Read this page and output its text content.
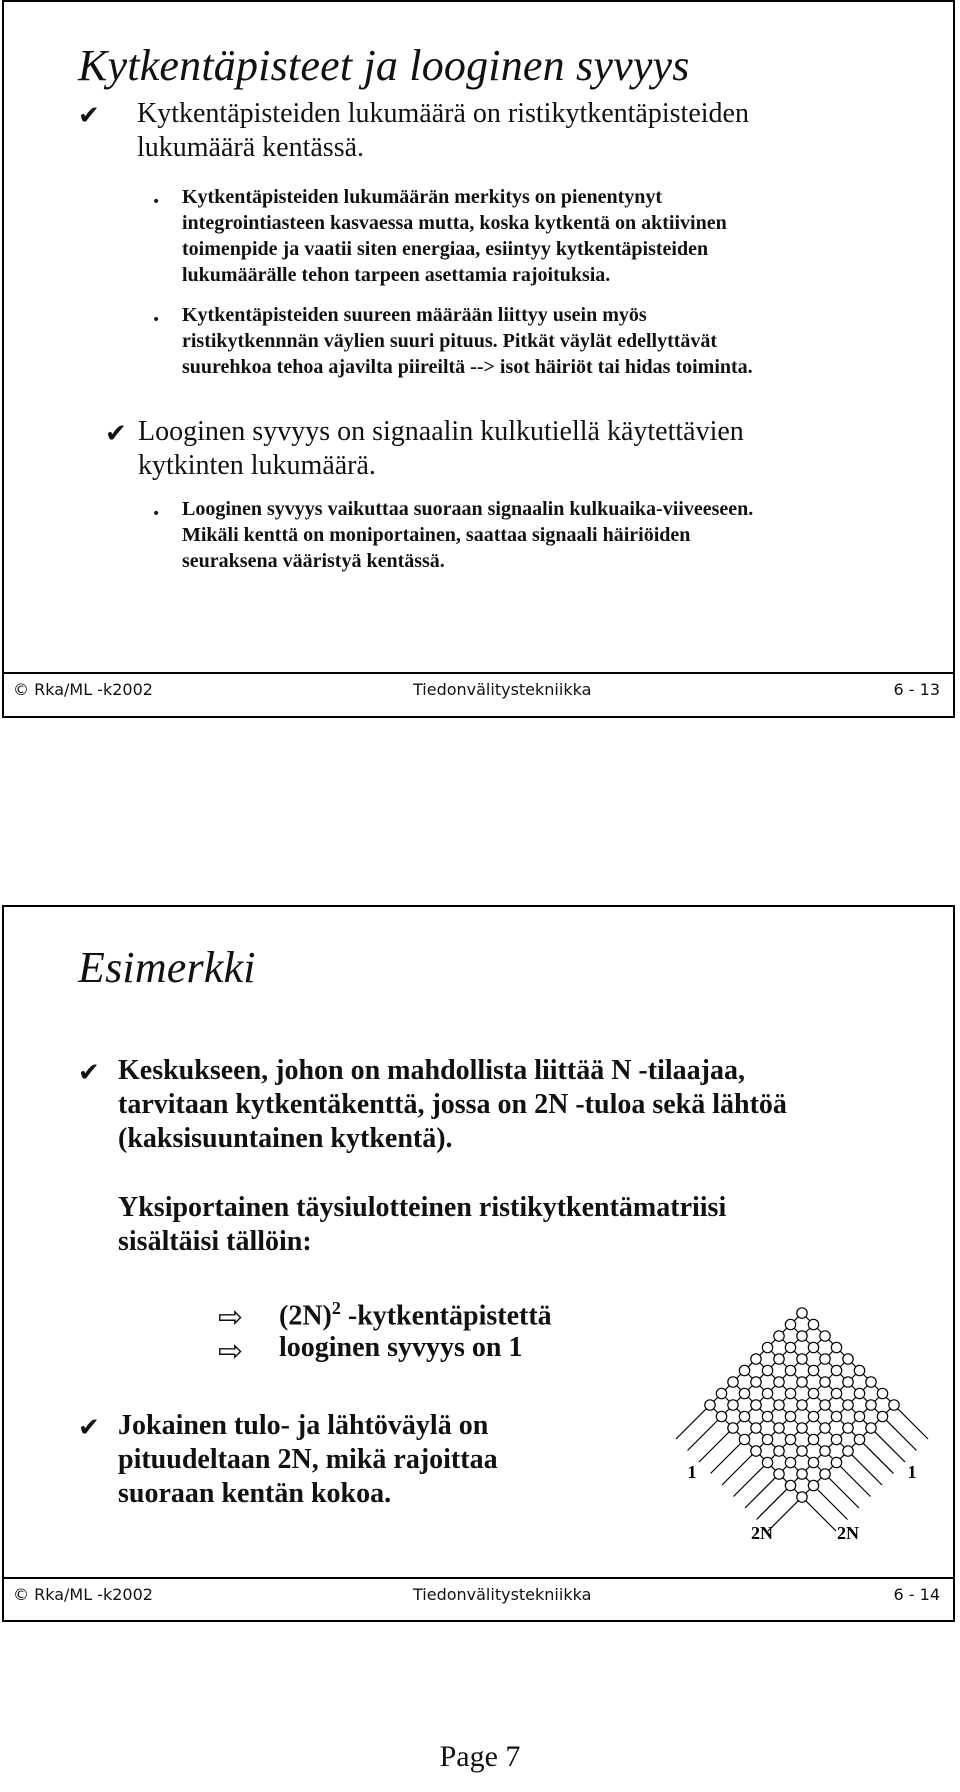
Kytkentäpisteet ja looginen syvyys
✔ Kytkentäpisteiden lukumäärä on ristikytkentäpisteiden
lukumäärä kentässä.
• Kytkentäpisteiden lukumäärän merkitys on pienentynyt
integrointiasteen kasvaessa mutta, koska kytkentä on aktiivinen
toimenpide ja vaatii siten energiaa, esiintyy kytkentäpisteiden
lukumäärälle tehon tarpeen asettamia rajoituksia.
• Kytkentäpisteiden suureen määrään liittyy usein myös
ristikytkennnän väylien suuri pituus. Pitkät väylät edellyttävät
suurehkoa tehoa ajavilta piireiltä --> isot häiriöt tai hidas toiminta.
✔ Looginen syvyys on signaalin kulkutiellä käytettävien
kytkinten lukumäärä.
• Looginen syvyys vaikuttaa suoraan signaalin kulkuaika-viiveeseen.
Mikäli kenttä on moniportainen, saattaa signaali häiriöiden
seuraksena vääristyä kentässä.
© Rka/ML -k2002	Tiedonvälitystekniikka	6 - 13
Esimerkki
✔ Keskukseen, johon on mahdollista liittää N -tilaajaa,
tarvitaan kytkentäkenttä, jossa on 2N -tuloa sekä lähtöä
(kaksisuuntainen kytkentä).
Yksiportainen täysiulotteinen ristikytkentämatriisi
sisältäisi tällöin:
⇨ $(2N)^2$ -kytkentäpistettä
⇨ looginen syvyys on 1
✔ Jokainen tulo- ja lähtöväylä on
pituudeltaan 2N, mikä rajoittaa
suoraan kentän kokoa.
1	1
2N	2N
© Rka/ML -k2002	Tiedonvälitystekniikka	6 - 14
Page 7
